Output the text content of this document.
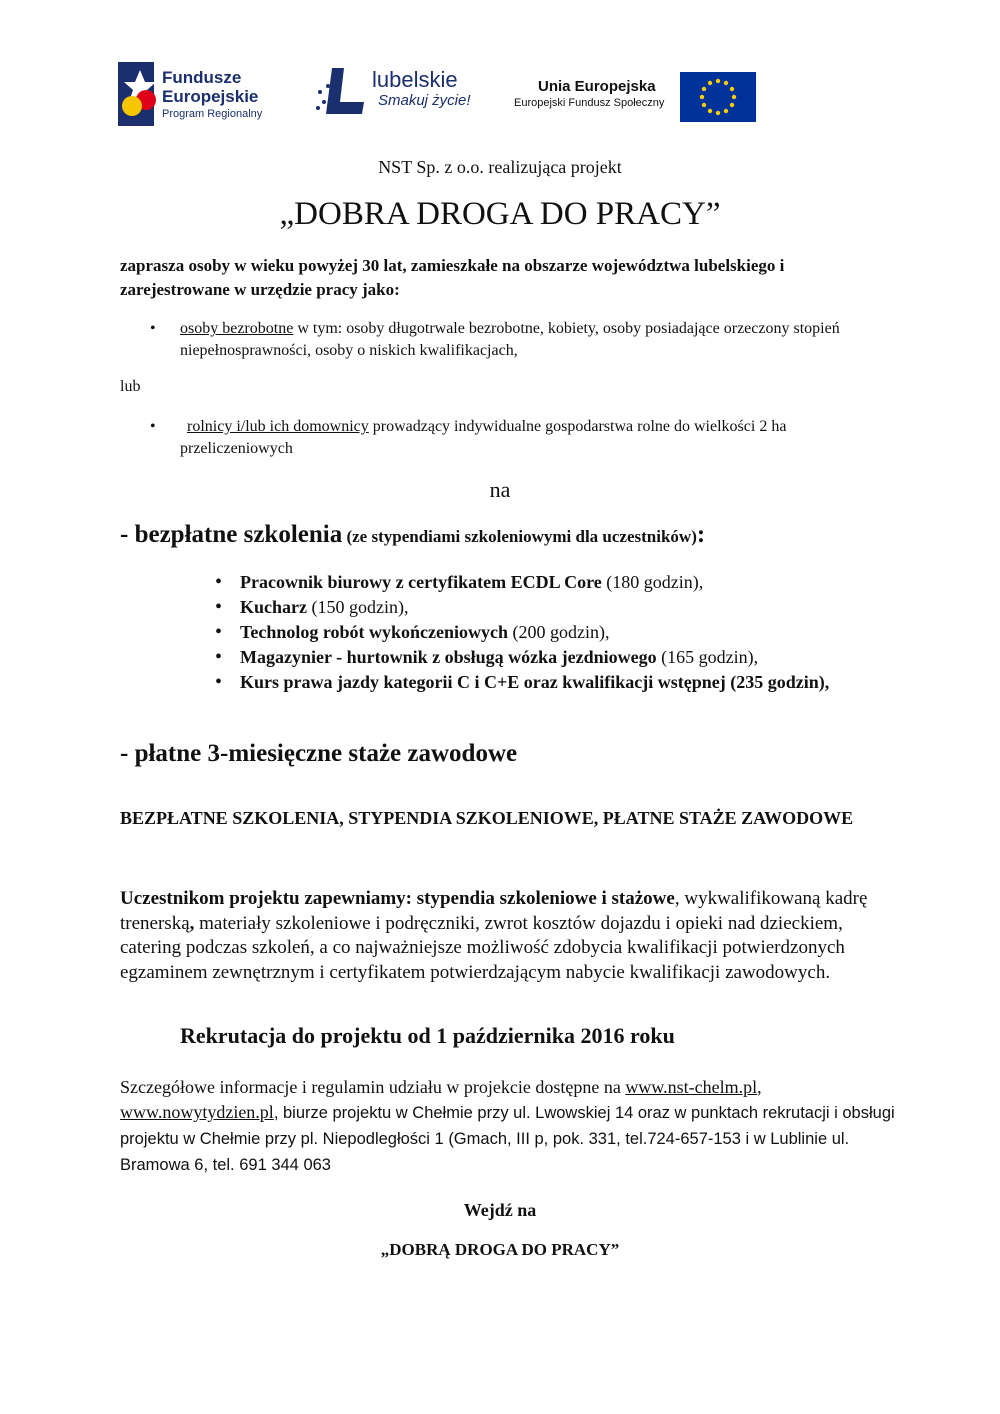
Fundusze
Europejskie
Program Regionalny
lubelskie
Smakuj życie!
Unia Europejska
Europejski Fundusz Społeczny

NST Sp. z o.o. realizująca projekt

„DOBRA DROGA DO PRACY”

zaprasza osoby w wieku powyżej 30 lat, zamieszkałe na obszarze województwa lubelskiego i zarejestrowane w urzędzie pracy jako:

• osoby bezrobotne w tym: osoby długotrwale bezrobotne, kobiety, osoby posiadające orzeczony stopień niepełnosprawności, osoby o niskich kwalifikacjach,

lub

•	rolnicy i/lub ich domownicy prowadzący indywidualne gospodarstwa rolne do wielkości 2 ha przeliczeniowych

na

- bezpłatne szkolenia (ze stypendiami szkoleniowymi dla uczestników):

• Pracownik biurowy z certyfikatem ECDL Core (180 godzin),
• Kucharz (150 godzin),
• Technolog robót wykończeniowych (200 godzin),
• Magazynier - hurtownik z obsługą wózka jezdniowego (165 godzin),
• Kurs prawa jazdy kategorii C i C+E oraz kwalifikacji wstępnej (235 godzin),

- płatne 3-miesięczne staże zawodowe

BEZPŁATNE SZKOLENIA, STYPENDIA SZKOLENIOWE, PŁATNE STAŻE ZAWODOWE

Uczestnikom projektu zapewniamy: stypendia szkoleniowe i stażowe, wykwalifikowaną kadrę trenerską, materiały szkoleniowe i podręczniki, zwrot kosztów dojazdu i opieki nad dzieckiem, catering podczas szkoleń, a co najważniejsze możliwość zdobycia kwalifikacji potwierdzonych egzaminem zewnętrznym i certyfikatem potwierdzającym nabycie kwalifikacji zawodowych.

Rekrutacja do projektu od 1 października 2016 roku

Szczegółowe informacje i regulamin udziału w projekcie dostępne na www.nst-chelm.pl,
www.nowytydzien.pl, biurze projektu w Chełmie przy ul. Lwowskiej 14 oraz w punktach rekrutacji i obsługi projektu w Chełmie przy pl. Niepodległości 1 (Gmach, III p, pok. 331, tel.724-657-153 i w Lublinie ul. Bramowa 6, tel. 691 344 063

Wejdź na

„DOBRĄ DROGA DO PRACY”
